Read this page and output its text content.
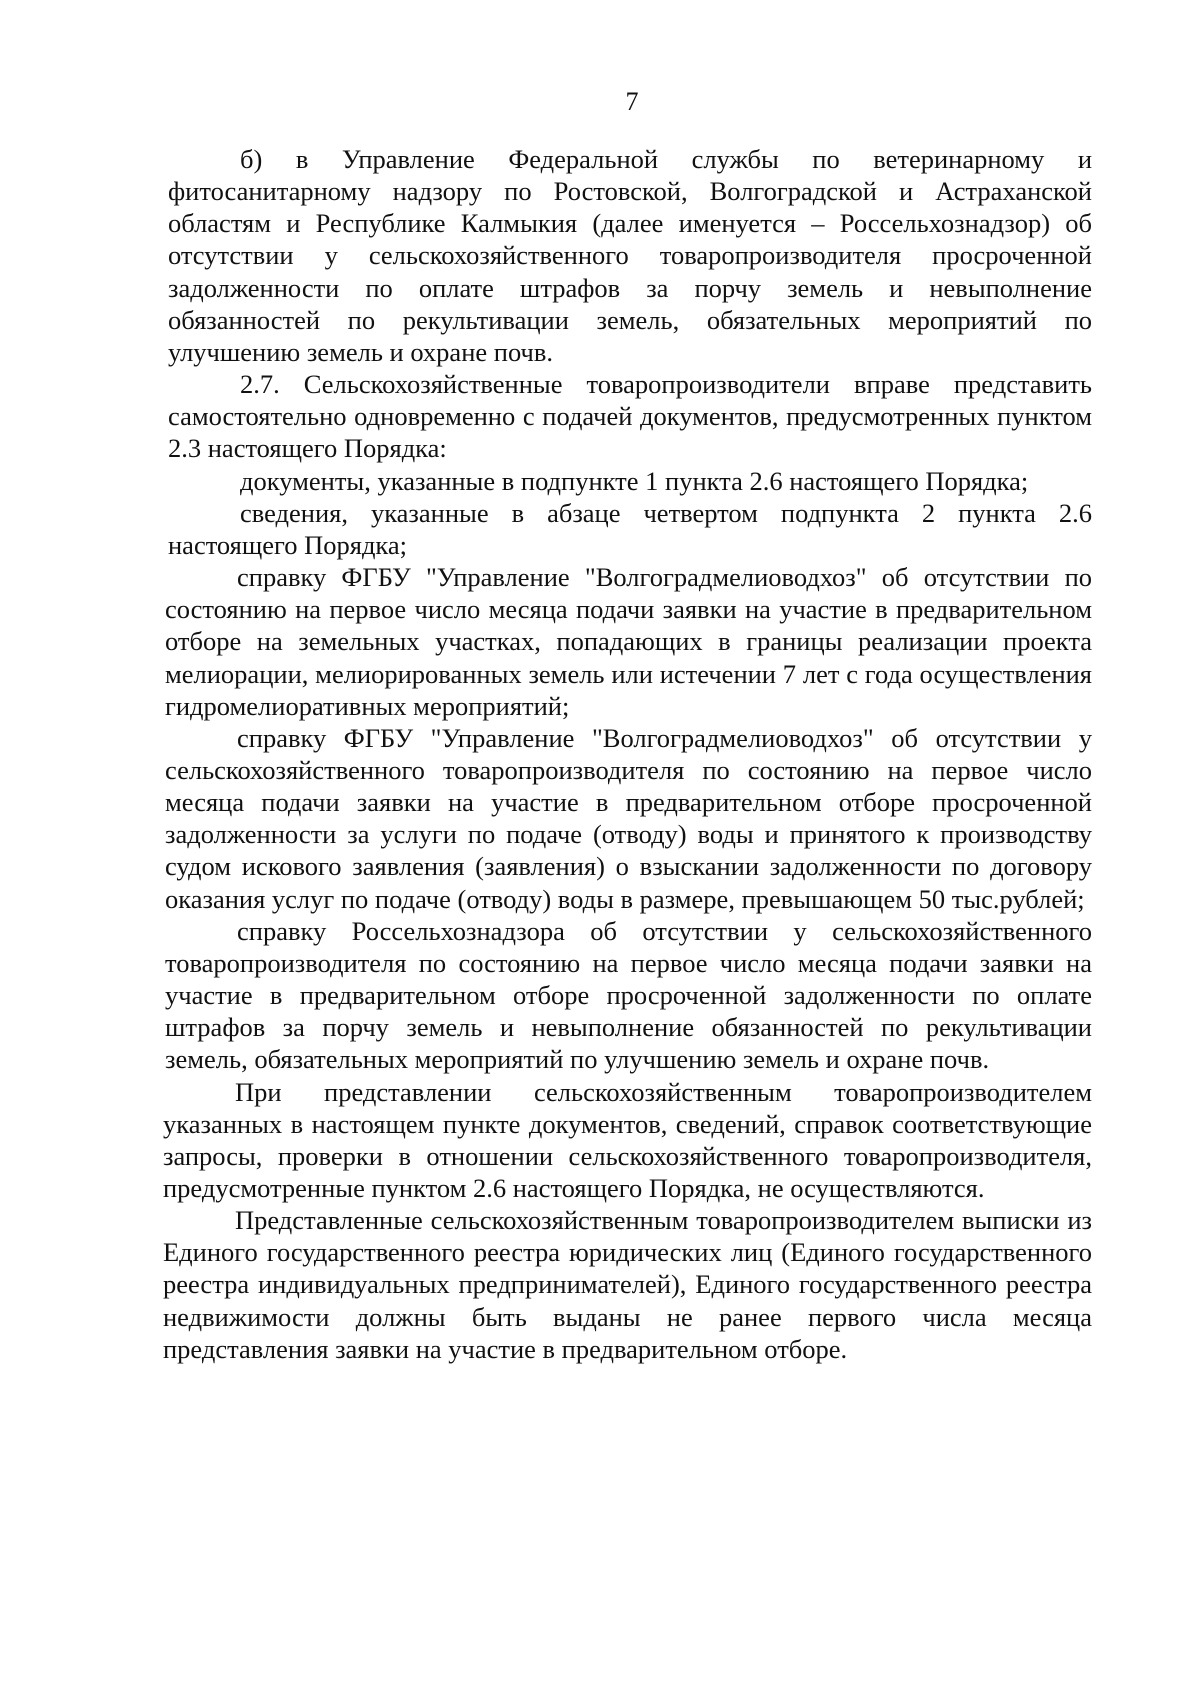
7

б) в Управление Федеральной службы по ветеринарному и фитосанитарному надзору по Ростовской, Волгоградской и Астраханской областям и Республике Калмыкия (далее именуется – Россельхознадзор) об отсутствии у сельскохозяйственного товаропроизводителя просроченной задолженности по оплате штрафов за порчу земель и невыполнение обязанностей по рекультивации земель, обязательных мероприятий по улучшению земель и охране почв.

2.7. Сельскохозяйственные товаропроизводители вправе представить самостоятельно одновременно с подачей документов, предусмотренных пунктом 2.3 настоящего Порядка:

документы, указанные в подпункте 1 пункта 2.6 настоящего Порядка;

сведения, указанные в абзаце четвертом подпункта 2 пункта 2.6 настоящего Порядка;

справку ФГБУ "Управление "Волгоградмелиоводхоз" об отсутствии по состоянию на первое число месяца подачи заявки на участие в предварительном отборе на земельных участках, попадающих в границы реализации проекта мелиорации, мелиорированных земель или истечении 7 лет с года осуществления гидромелиоративных мероприятий;

справку ФГБУ "Управление "Волгоградмелиоводхоз" об отсутствии у сельскохозяйственного товаропроизводителя по состоянию на первое число месяца подачи заявки на участие в предварительном отборе просроченной задолженности за услуги по подаче (отводу) воды и принятого к производству судом искового заявления (заявления) о взыскании задолженности по договору оказания услуг по подаче (отводу) воды в размере, превышающем 50 тыс.рублей;

справку Россельхознадзора об отсутствии у сельскохозяйственного товаропроизводителя по состоянию на первое число месяца подачи заявки на участие в предварительном отборе просроченной задолженности по оплате штрафов за порчу земель и невыполнение обязанностей по рекультивации земель, обязательных мероприятий по улучшению земель и охране почв.

При представлении сельскохозяйственным товаропроизводителем указанных в настоящем пункте документов, сведений, справок соответствующие запросы, проверки в отношении сельскохозяйственного товаропроизводителя, предусмотренные пунктом 2.6 настоящего Порядка, не осуществляются.

Представленные сельскохозяйственным товаропроизводителем выписки из Единого государственного реестра юридических лиц (Единого государственного реестра индивидуальных предпринимателей), Единого государственного реестра недвижимости должны быть выданы не ранее первого числа месяца представления заявки на участие в предварительном отборе.
